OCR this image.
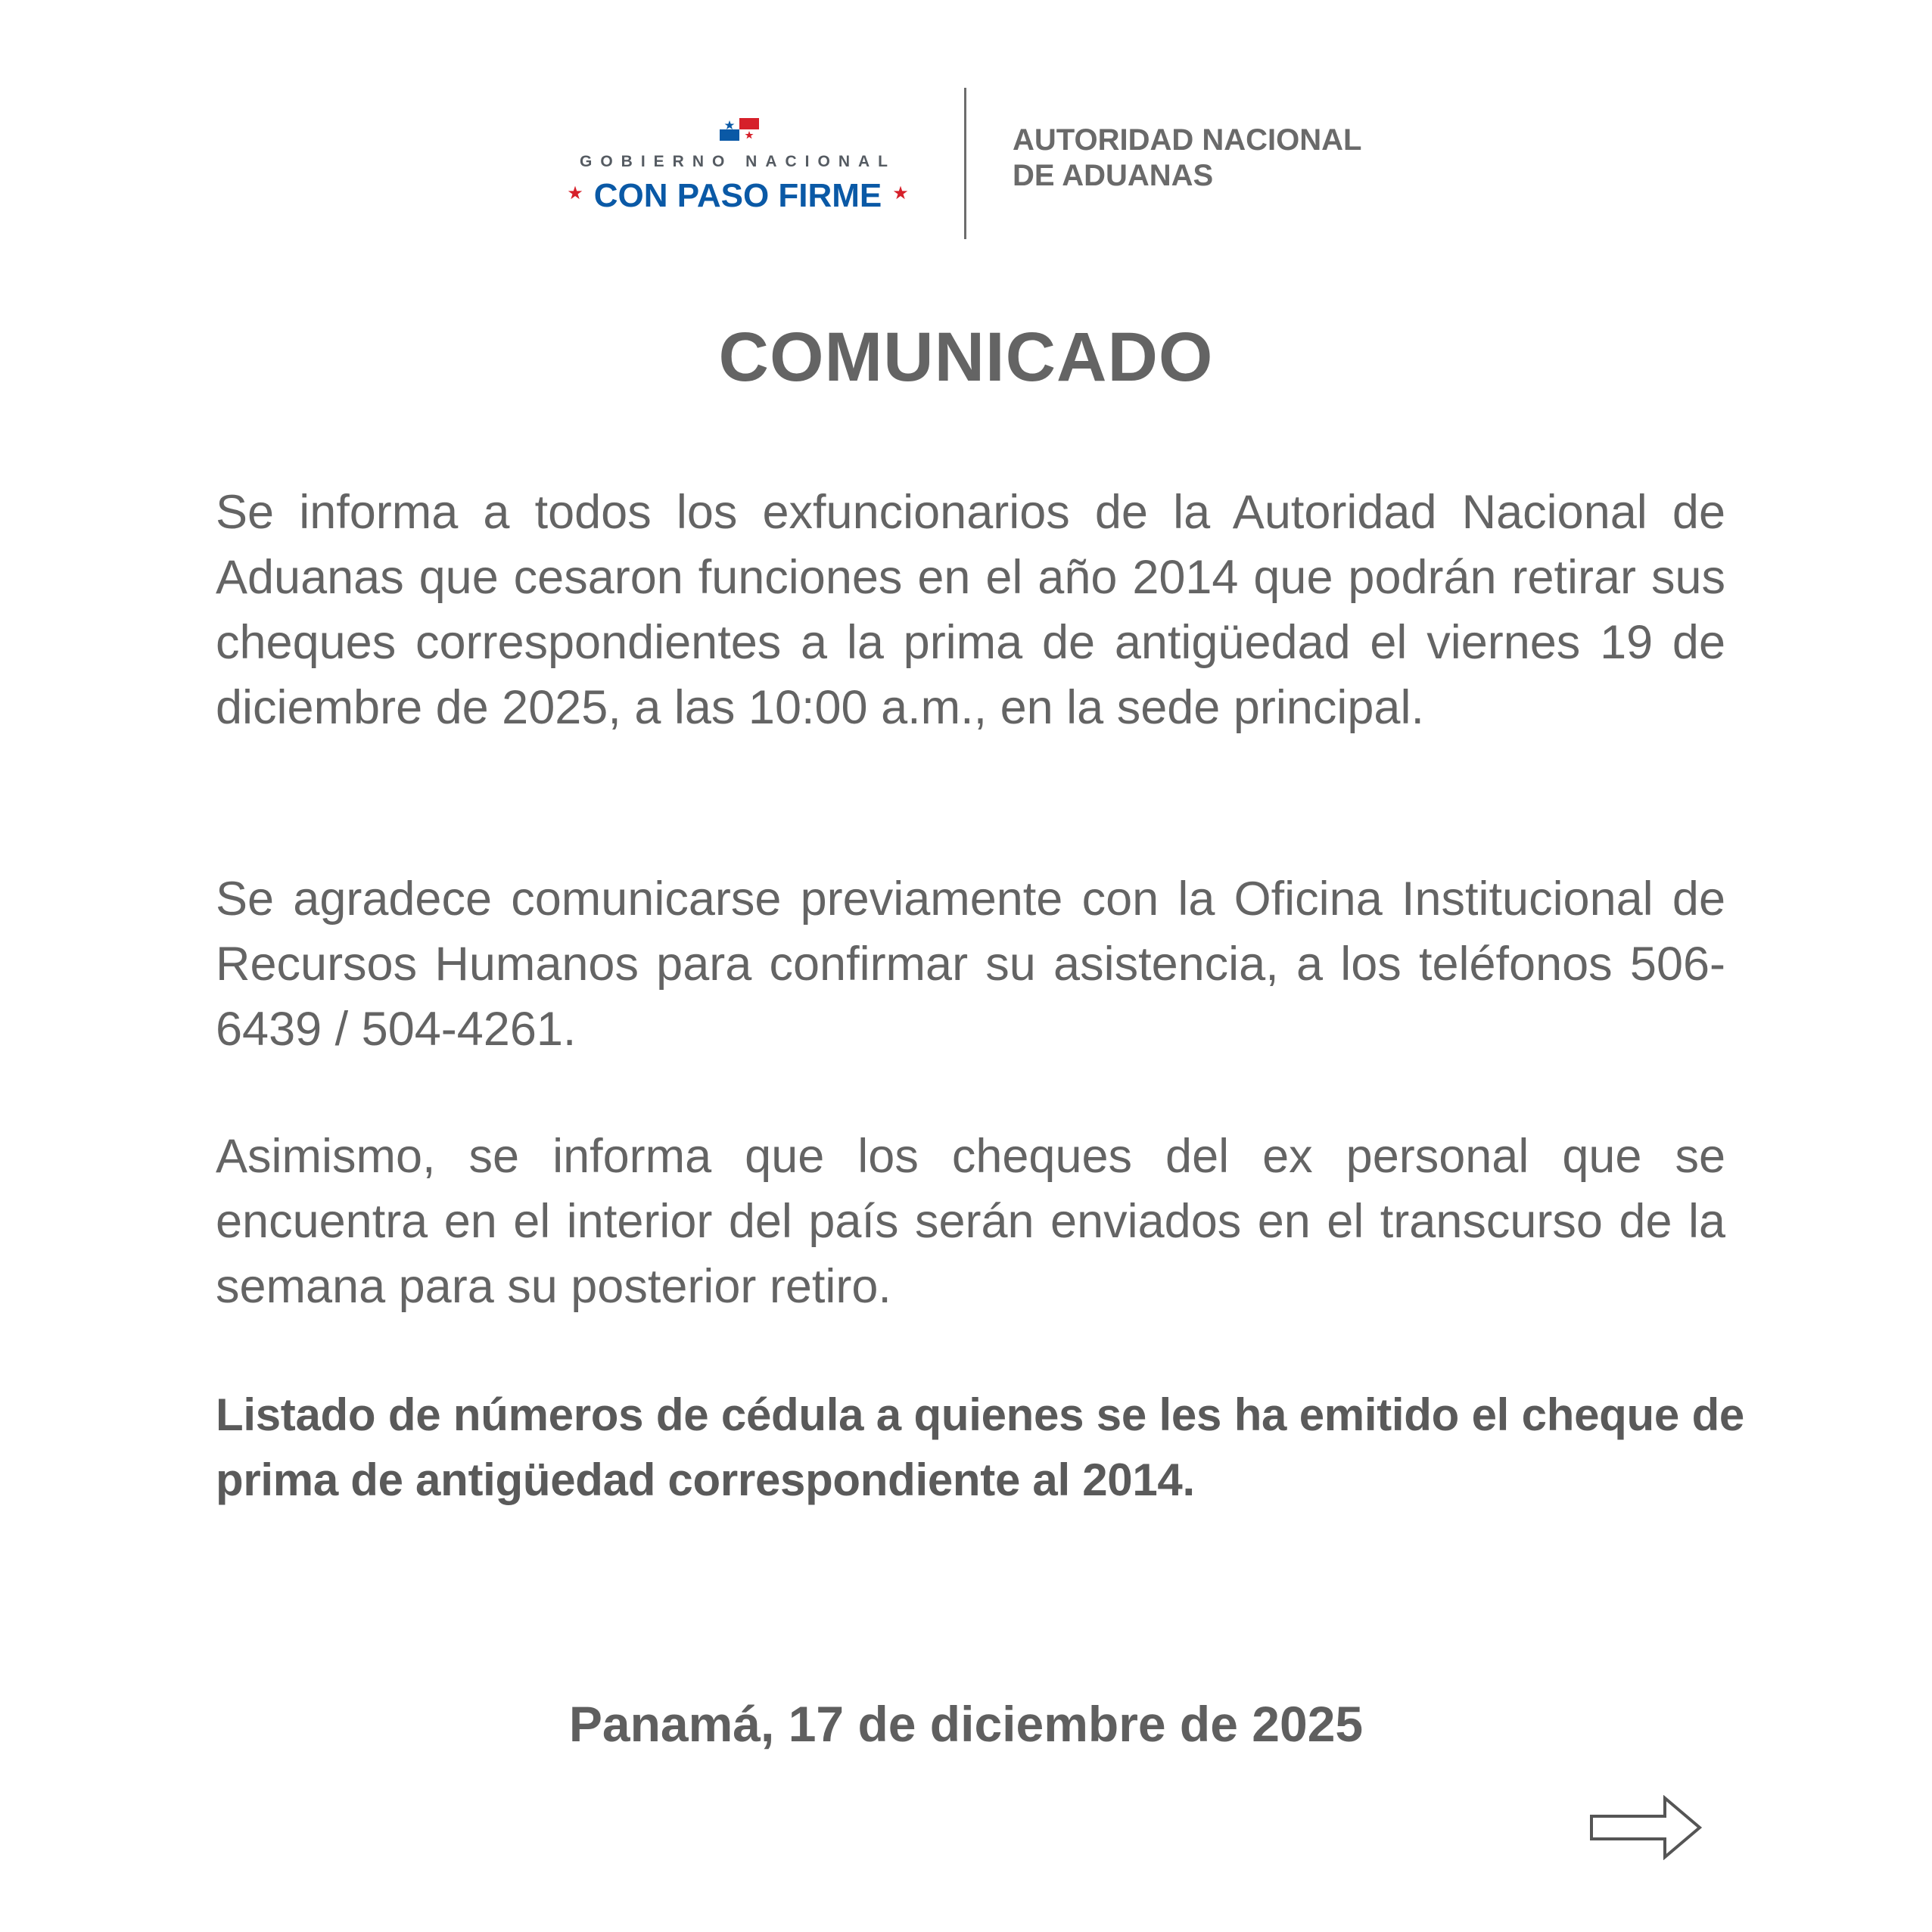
GOBIERNO NACIONAL
★ CON PASO FIRME ★
AUTORIDAD NACIONAL
DE ADUANAS
COMUNICADO

Se informa a todos los exfuncionarios de la Autoridad Nacional de Aduanas que cesaron funciones en el año 2014 que podrán retirar sus cheques correspondientes a la prima de antigüedad el viernes 19 de diciembre de 2025, a las 10:00 a.m., en la sede principal.

Se agradece comunicarse previamente con la Oficina Institucional de Recursos Humanos para confirmar su asistencia, a los teléfonos 506-6439 / 504-4261.

Asimismo, se informa que los cheques del ex personal que se encuentra en el interior del país serán enviados en el transcurso de la semana para su posterior retiro.

Listado de números de cédula a quienes se les ha emitido el cheque de prima de antigüedad correspondiente al 2014.

Panamá, 17 de diciembre de 2025
